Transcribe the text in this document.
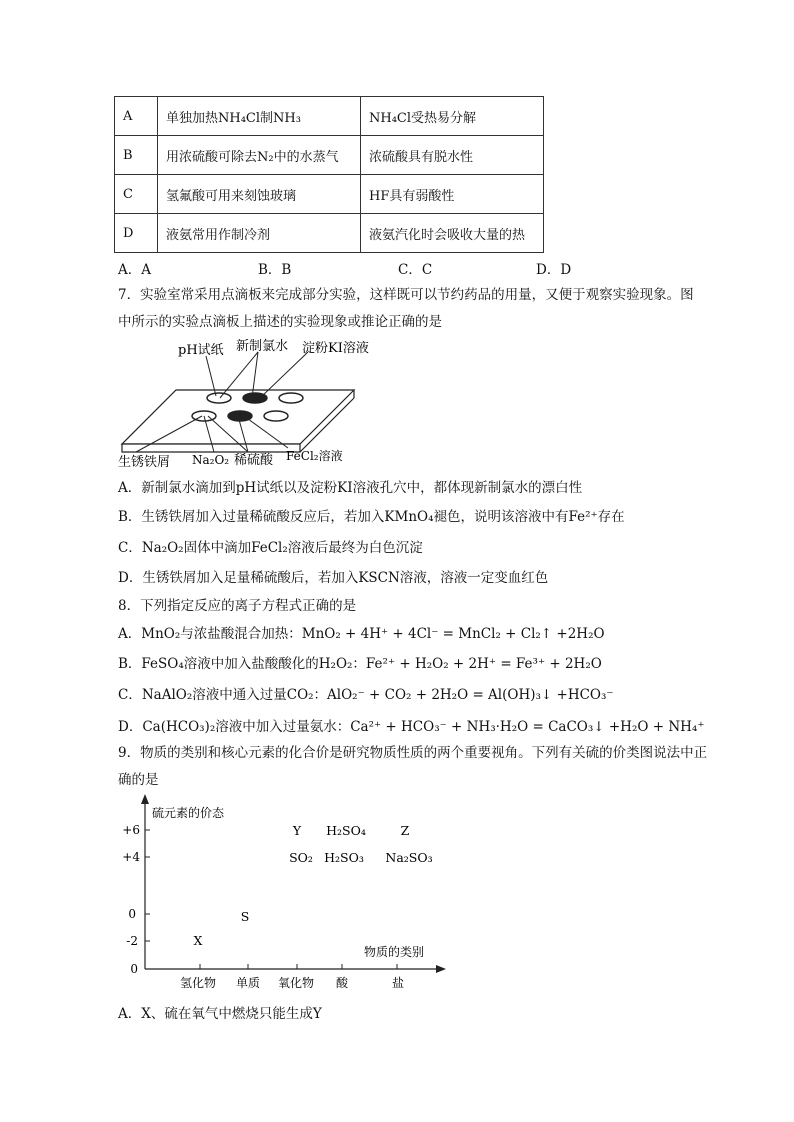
A	单独加热NH₄Cl制NH₃	NH₄Cl受热易分解
B	用浓硫酸可除去N₂中的水蒸气	浓硫酸具有脱水性
C	氢氟酸可用来刻蚀玻璃	HF具有弱酸性
D	液氨常用作制冷剂	液氨汽化时会吸收大量的热
A．A	B．B	C．C	D．D
7．实验室常采用点滴板来完成部分实验，这样既可以节约药品的用量，又便于观察实验现象。图中所示的实验点滴板上描述的实验现象或推论正确的是
pH试纸 新制氯水 淀粉KI溶液
生锈铁屑 Na₂O₂ 稀硫酸 FeCl₂溶液
A．新制氯水滴加到pH试纸以及淀粉KI溶液孔穴中，都体现新制氯水的漂白性
B．生锈铁屑加入过量稀硫酸反应后，若加入KMnO₄褪色，说明该溶液中有Fe²⁺存在
C．Na₂O₂固体中滴加FeCl₂溶液后最终为白色沉淀
D．生锈铁屑加入足量稀硫酸后，若加入KSCN溶液，溶液一定变血红色
8．下列指定反应的离子方程式正确的是
A．MnO₂与浓盐酸混合加热：MnO₂ + 4H⁺ + 4Cl⁻ = MnCl₂ + Cl₂↑ +2H₂O
B．FeSO₄溶液中加入盐酸酸化的H₂O₂：Fe²⁺ + H₂O₂ + 2H⁺ = Fe³⁺ + 2H₂O
C．NaAlO₂溶液中通入过量CO₂：AlO₂⁻ + CO₂ + 2H₂O = Al(OH)₃↓ +HCO₃⁻
D．Ca(HCO₃)₂溶液中加入过量氨水：Ca²⁺ + HCO₃⁻ + NH₃·H₂O = CaCO₃↓ +H₂O + NH₄⁺
9．物质的类别和核心元素的化合价是研究物质性质的两个重要视角。下列有关硫的价类图说法中正确的是
硫元素的价态
物质的类别
+6
+4
0
-2
0
氢化物 单质 氧化物 酸	盐
Y H₂SO₄	Z
SO₂ H₂SO₃ Na₂SO₃
S
X
A．X、硫在氧气中燃烧只能生成Y
